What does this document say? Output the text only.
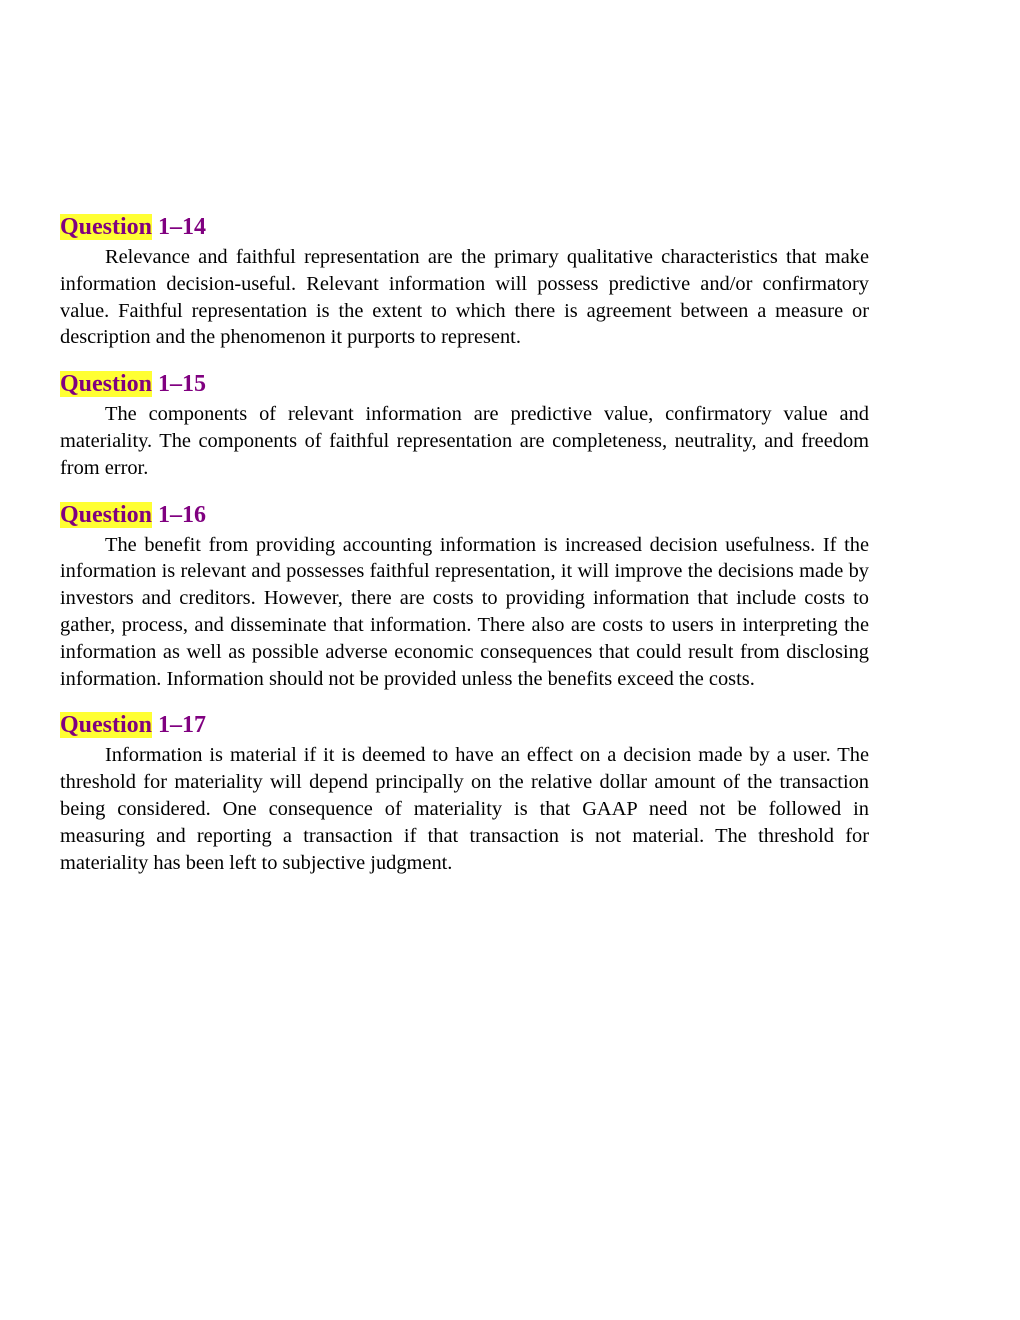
Question 1–14

Relevance and faithful representation are the primary qualitative characteristics that make information decision-useful. Relevant information will possess predictive and/or confirmatory value. Faithful representation is the extent to which there is agreement between a measure or description and the phenomenon it purports to represent.

Question 1–15

The components of relevant information are predictive value, confirmatory value and materiality. The components of faithful representation are completeness, neutrality, and freedom from error.

Question 1–16

The benefit from providing accounting information is increased decision usefulness. If the information is relevant and possesses faithful representation, it will improve the decisions made by investors and creditors. However, there are costs to providing information that include costs to gather, process, and disseminate that information. There also are costs to users in interpreting the information as well as possible adverse economic consequences that could result from disclosing information. Information should not be provided unless the benefits exceed the costs.

Question 1–17

Information is material if it is deemed to have an effect on a decision made by a user. The threshold for materiality will depend principally on the relative dollar amount of the transaction being considered. One consequence of materiality is that GAAP need not be followed in measuring and reporting a transaction if that transaction is not material. The threshold for materiality has been left to subjective judgment.
